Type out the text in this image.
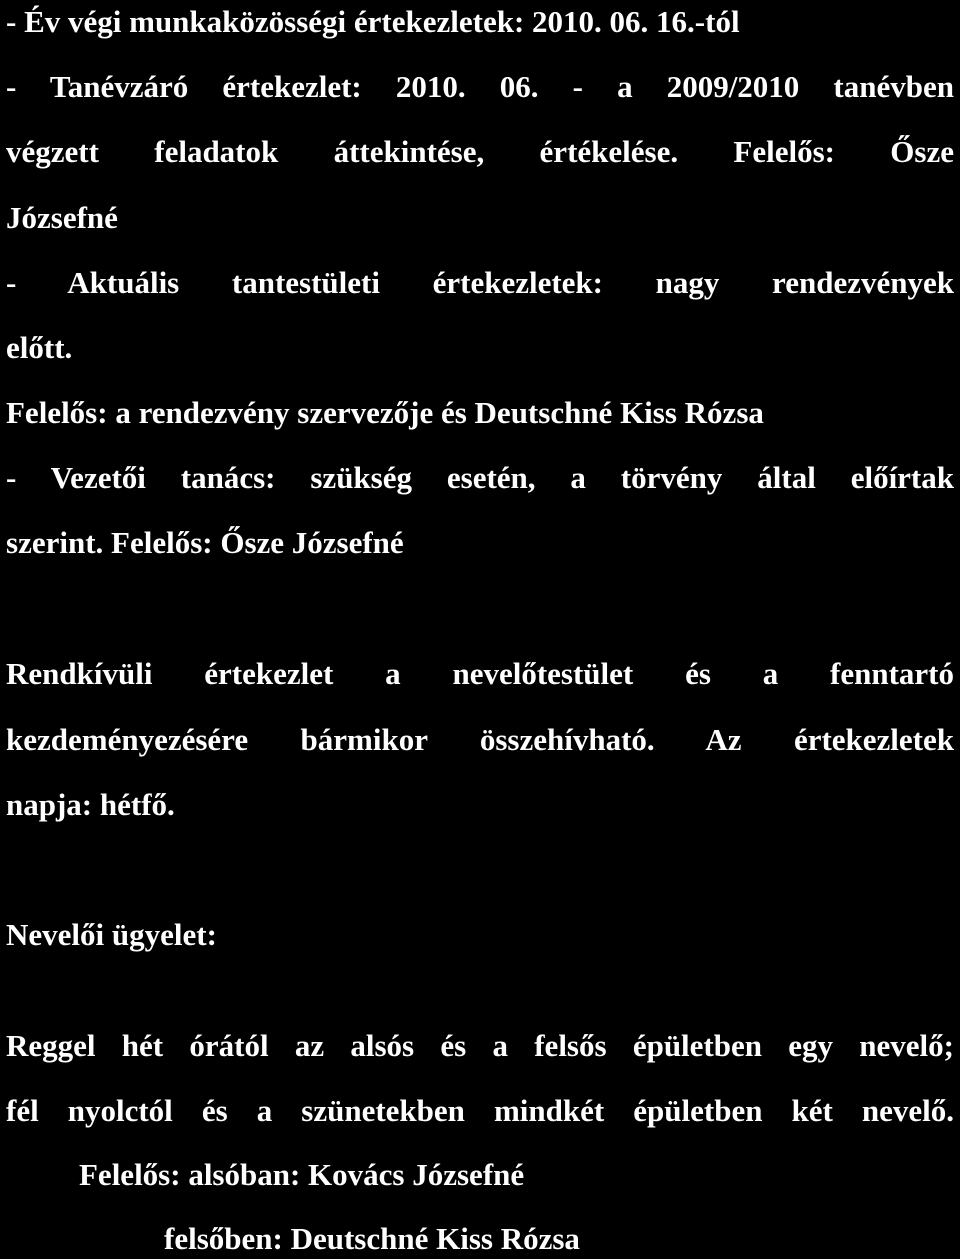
- Év végi munkaközösségi értekezletek: 2010. 06. 16.-tól
- Tanévzáró értekezlet: 2010. 06. - a 2009/2010 tanévben
végzett feladatok áttekintése, értékelése. Felelős: Ősze
Józsefné
- Aktuális tantestületi értekezletek: nagy rendezvények
előtt.
Felelős: a rendezvény szervezője és Deutschné Kiss Rózsa
- Vezetői tanács: szükség esetén, a törvény által előírtak
szerint. Felelős: Ősze Józsefné
Rendkívüli értekezlet a nevelőtestület és a fenntartó
kezdeményezésére bármikor összehívható. Az értekezletek
napja: hétfő.
Nevelői ügyelet:
Reggel hét órától az alsós és a felsős épületben egy nevelő;
fél nyolctól és a szünetekben mindkét épületben két nevelő.
Felelős: alsóban: Kovács Józsefné
felsőben: Deutschné Kiss Rózsa
